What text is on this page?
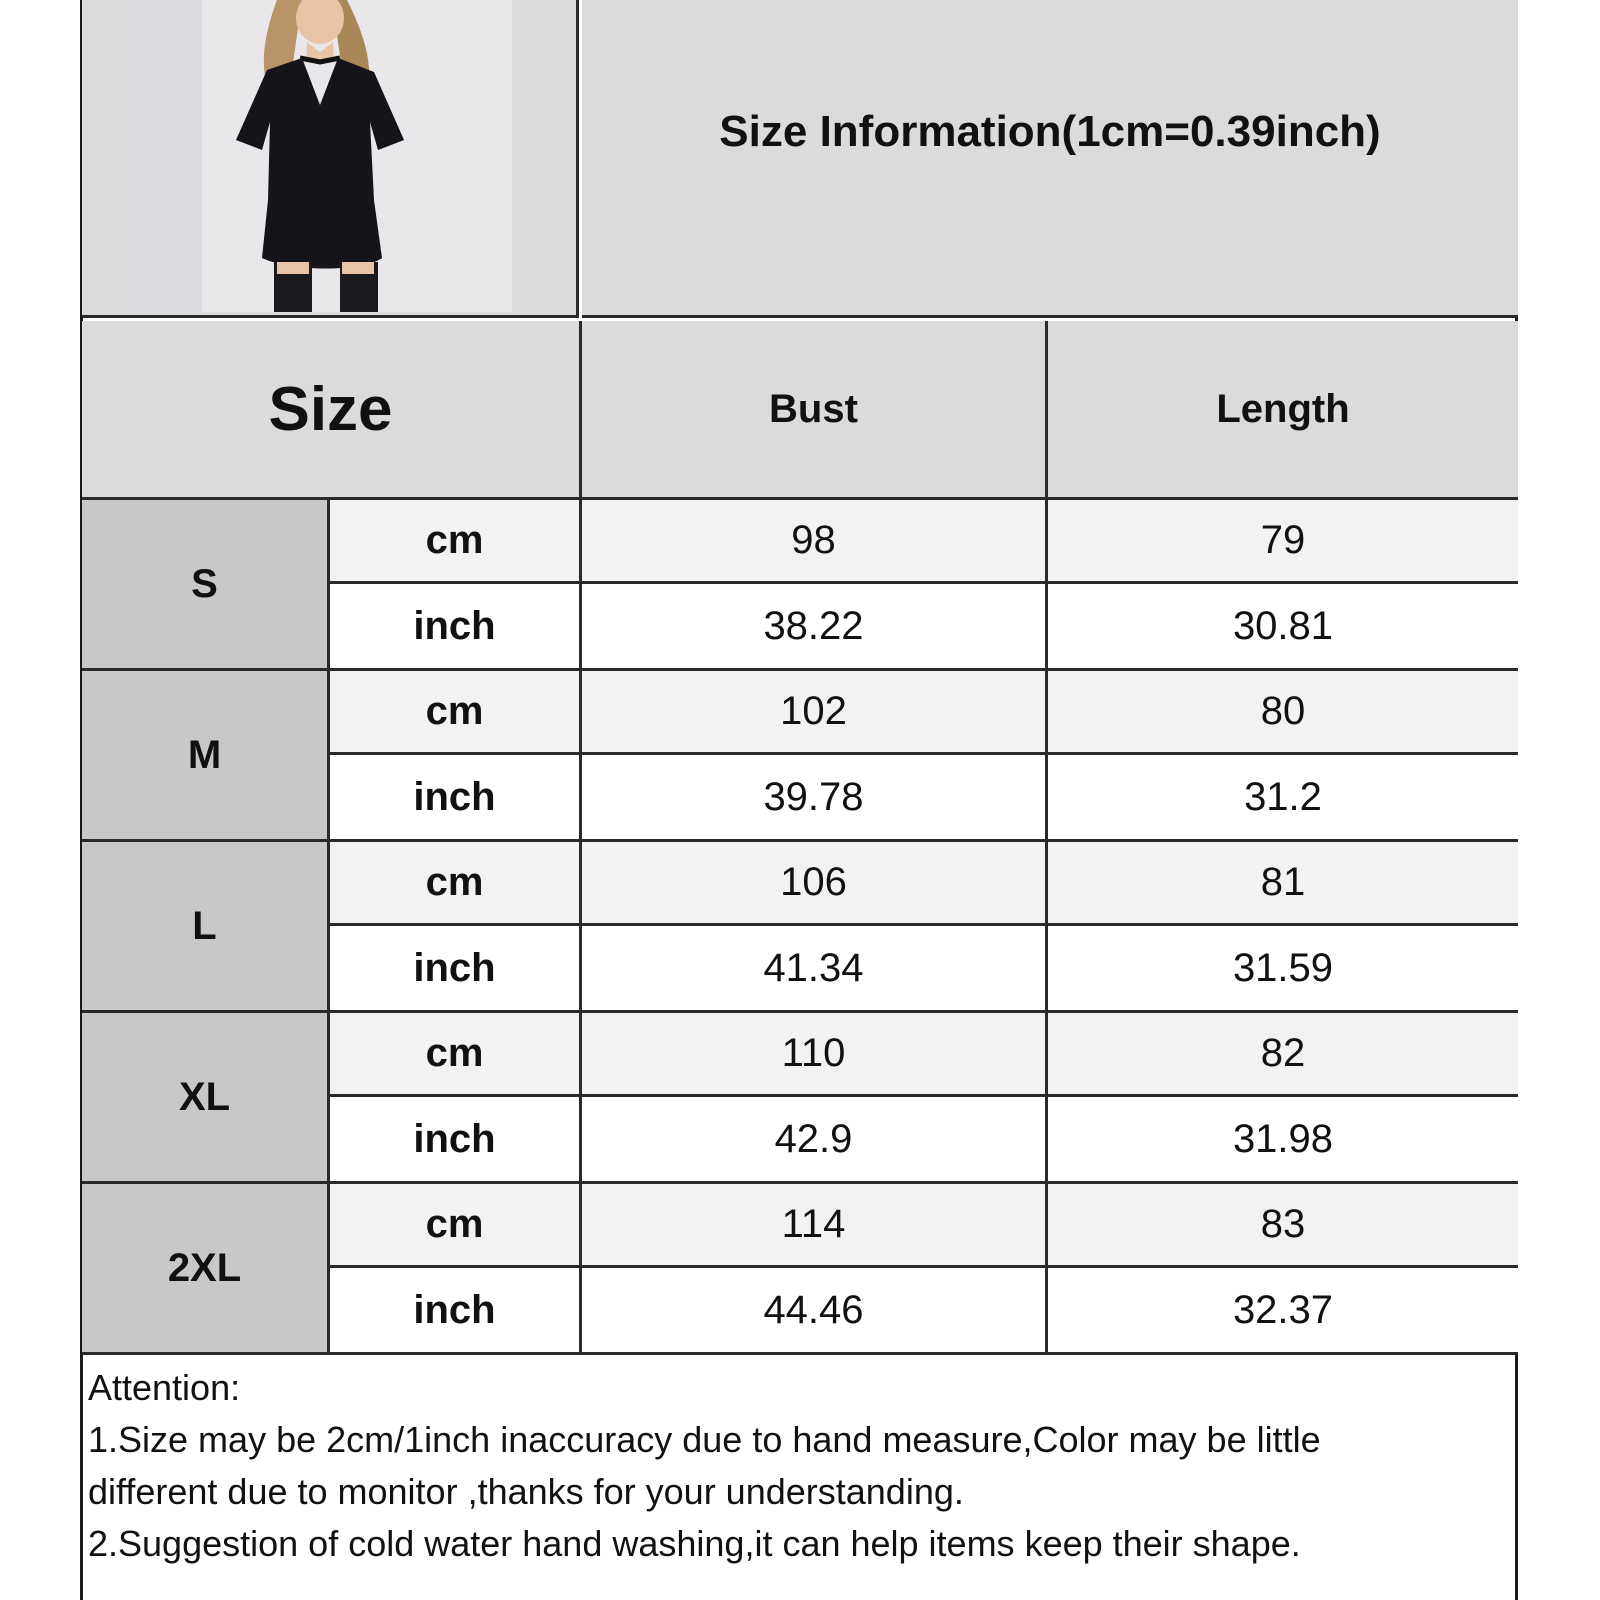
Size Information(1cm=0.39inch)
Size	Bust	Length
S
cm	98	79
inch	38.22	30.81
M
cm	102	80
inch	39.78	31.2
L
cm	106	81
inch	41.34	31.59
XL
cm	110	82
inch	42.9	31.98
2XL
cm	114	83
inch	44.46	32.37
Attention:
1.Size may be 2cm/1inch inaccuracy due to hand measure,Color may be little
different due to monitor ,thanks for your understanding.
2.Suggestion of cold water hand washing,it can help items keep their shape.
